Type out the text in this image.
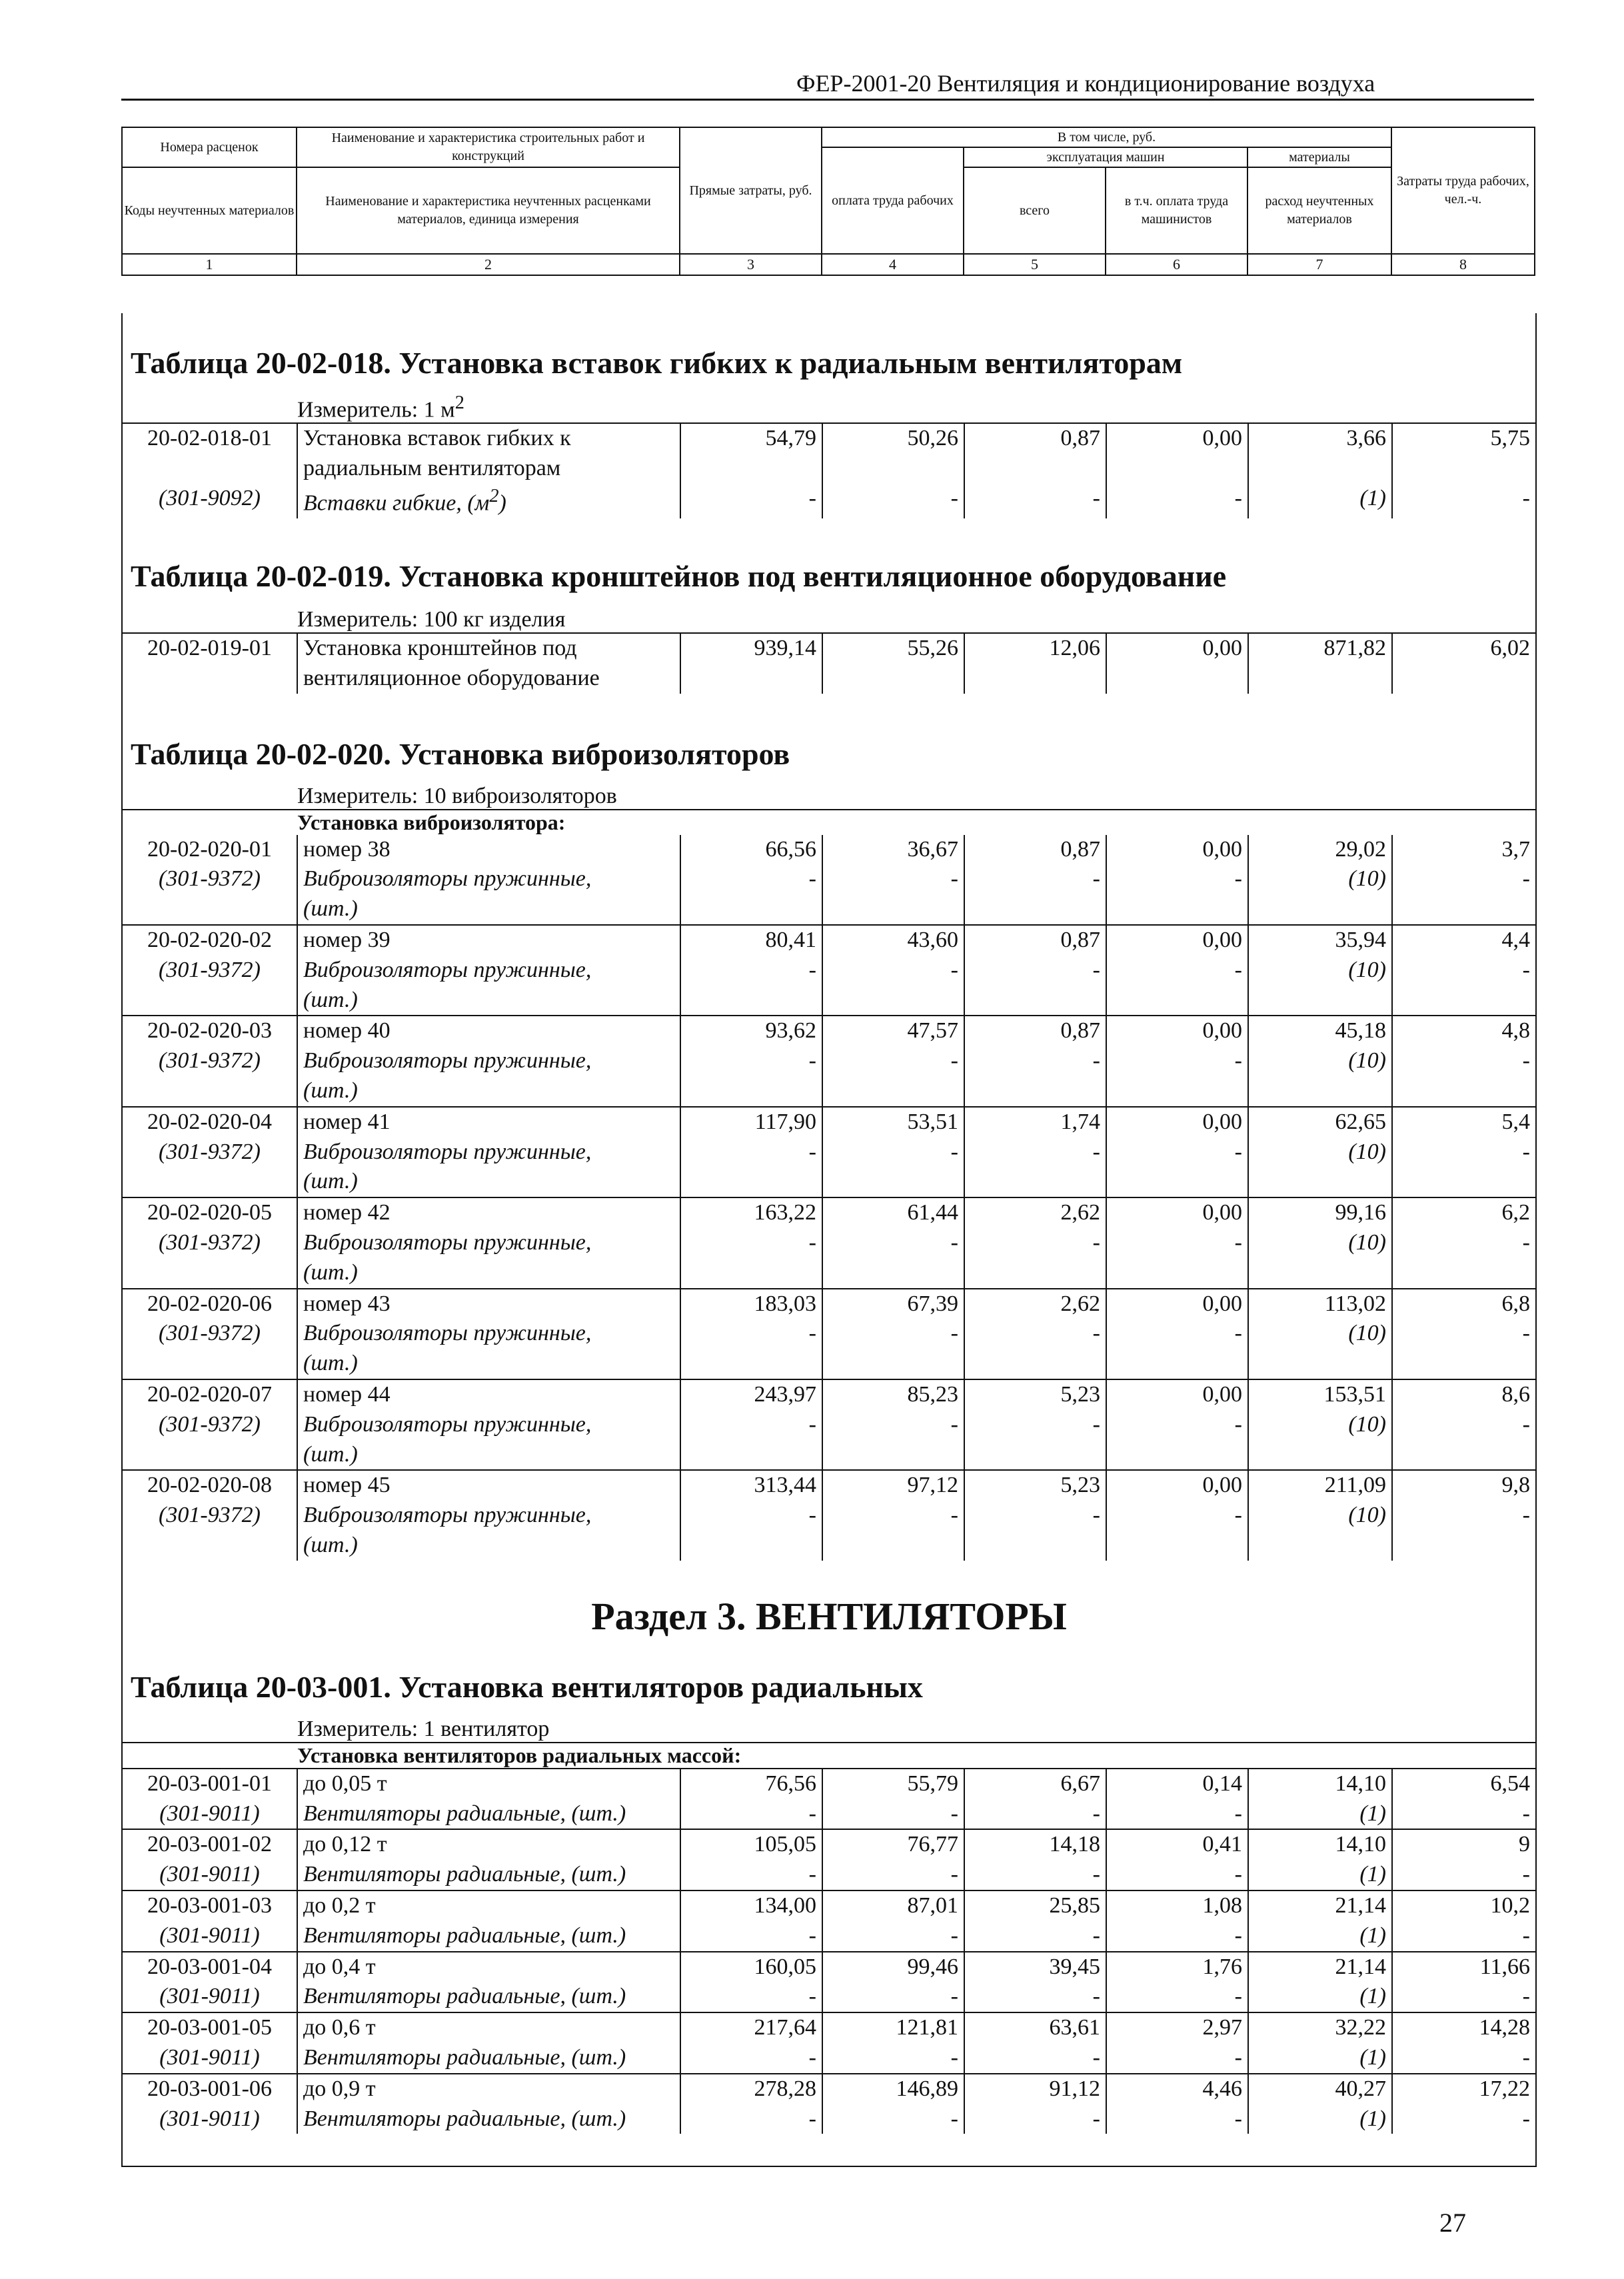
ФЕР-2001-20 Вентиляция и кондиционирование воздуха
Номера расценок	Наименование и характеристика строительных работ и конструкций	Прямые затраты, руб.	В том числе, руб.				Затраты труда рабочих, чел.-ч.
			оплата труда рабочих	эксплуатация машин		материалы	
Коды неучтенных материалов	Наименование и характеристика неучтенных расценками материалов, единица измерения			всего	в т.ч. оплата труда машинистов	расход неучтенных материалов	

1	2	3	4	5	6	7	8
Таблица 20-02-018. Установка вставок гибких к радиальным вентиляторам
Измеритель: 1 $м^2$
20-02-018-01	Установка вставок гибких к	54,79	50,26	0,87	0,00	3,66	5,75
	радиальным вентиляторам						
(301-9092)	Вставки гибкие, $(м^2)$	-	-	-	-	(1)	-
Таблица 20-02-019. Установка кронштейнов под вентиляционное оборудование
Измеритель: 100 кг изделия
20-02-019-01	Установка кронштейнов под	939,14	55,26	12,06	0,00	871,82	6,02
	вентиляционное оборудование						
Таблица 20-02-020. Установка виброизоляторов
Измеритель: 10 виброизоляторов
Установка виброизолятора:
20-02-020-01	номер 38	66,56	36,67	0,87	0,00	29,02	3,7
(301-9372)	Виброизоляторы пружинные,	-	-	-	-	(10)	-
	(шт.)						
20-02-020-02	номер 39	80,41	43,60	0,87	0,00	35,94	4,4
(301-9372)	Виброизоляторы пружинные,	-	-	-	-	(10)	-
	(шт.)						
20-02-020-03	номер 40	93,62	47,57	0,87	0,00	45,18	4,8
(301-9372)	Виброизоляторы пружинные,	-	-	-	-	(10)	-
	(шт.)						
20-02-020-04	номер 41	117,90	53,51	1,74	0,00	62,65	5,4
(301-9372)	Виброизоляторы пружинные,	-	-	-	-	(10)	-
	(шт.)						
20-02-020-05	номер 42	163,22	61,44	2,62	0,00	99,16	6,2
(301-9372)	Виброизоляторы пружинные,	-	-	-	-	(10)	-
	(шт.)						
20-02-020-06	номер 43	183,03	67,39	2,62	0,00	113,02	6,8
(301-9372)	Виброизоляторы пружинные,	-	-	-	-	(10)	-
	(шт.)						
20-02-020-07	номер 44	243,97	85,23	5,23	0,00	153,51	8,6
(301-9372)	Виброизоляторы пружинные,	-	-	-	-	(10)	-
	(шт.)						
20-02-020-08	номер 45	313,44	97,12	5,23	0,00	211,09	9,8
(301-9372)	Виброизоляторы пружинные,	-	-	-	-	(10)	-
	(шт.)						
Раздел 3. ВЕНТИЛЯТОРЫ
Таблица 20-03-001. Установка вентиляторов радиальных
Измеритель: 1 вентилятор
Установка вентиляторов радиальных массой:
20-03-001-01	до 0,05 т	76,56	55,79	6,67	0,14	14,10	6,54
(301-9011)	Вентиляторы радиальные, (шт.)	-	-	-	-	(1)	-
20-03-001-02	до 0,12 т	105,05	76,77	14,18	0,41	14,10	9
(301-9011)	Вентиляторы радиальные, (шт.)	-	-	-	-	(1)	-
20-03-001-03	до 0,2 т	134,00	87,01	25,85	1,08	21,14	10,2
(301-9011)	Вентиляторы радиальные, (шт.)	-	-	-	-	(1)	-
20-03-001-04	до 0,4 т	160,05	99,46	39,45	1,76	21,14	11,66
(301-9011)	Вентиляторы радиальные, (шт.)	-	-	-	-	(1)	-
20-03-001-05	до 0,6 т	217,64	121,81	63,61	2,97	32,22	14,28
(301-9011)	Вентиляторы радиальные, (шт.)	-	-	-	-	(1)	-
20-03-001-06	до 0,9 т	278,28	146,89	91,12	4,46	40,27	17,22
(301-9011)	Вентиляторы радиальные, (шт.)	-	-	-	-	(1)	-
27
